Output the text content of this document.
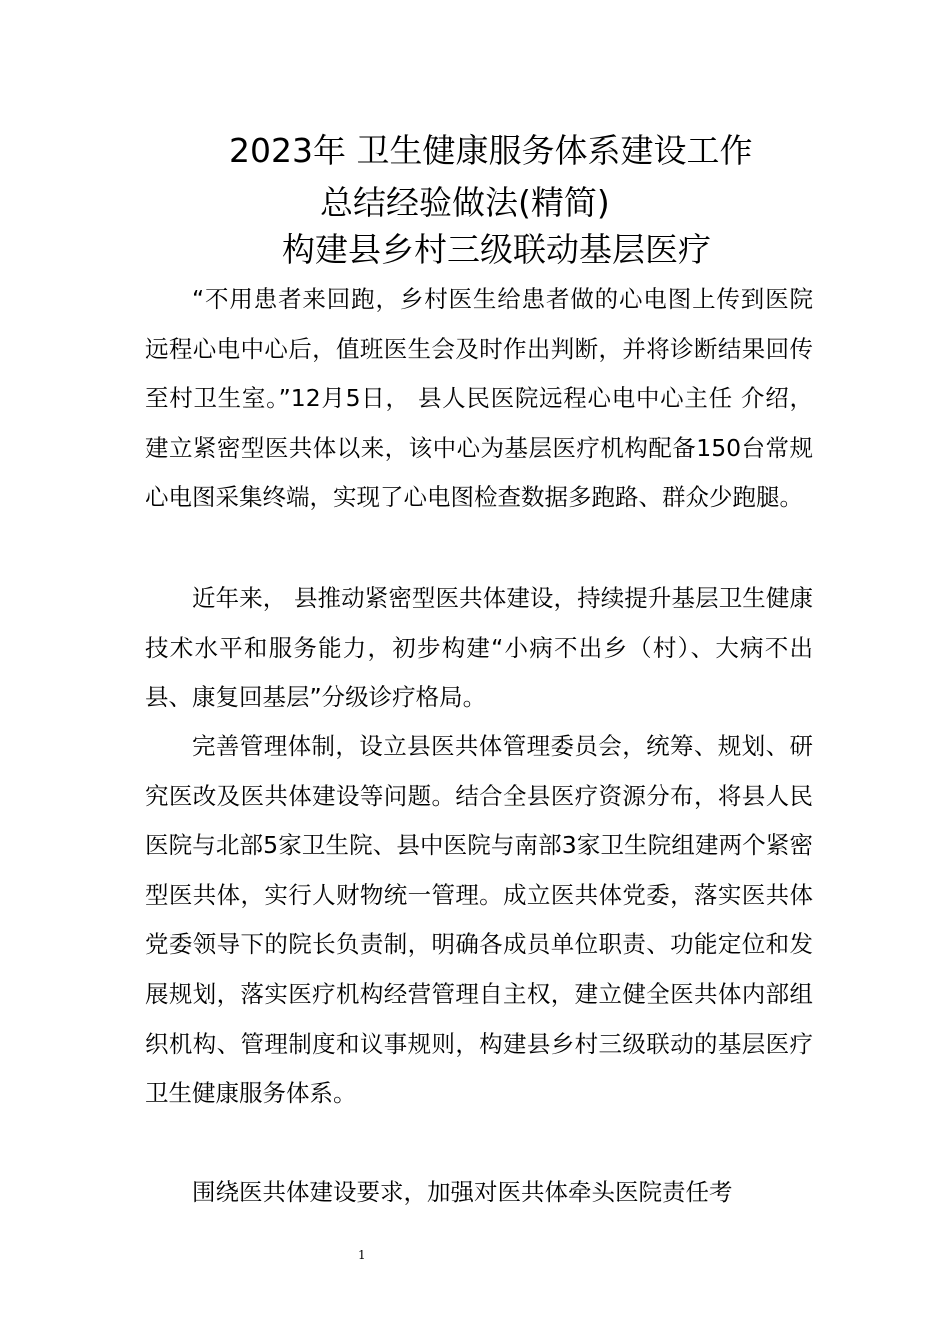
2023年 卫生健康服务体系建设工作
总结经验做法(精简)
构建县乡村三级联动基层医疗

“不用患者来回跑，乡村医生给患者做的心电图上传到医院远程心电中心后，值班医生会及时作出判断，并将诊断结果回传至村卫生室。”12月5日， 县人民医院远程心电中心主任 介绍，建立紧密型医共体以来，该中心为基层医疗机构配备150台常规心电图采集终端，实现了心电图检查数据多跑路、群众少跑腿。

近年来， 县推动紧密型医共体建设，持续提升基层卫生健康技术水平和服务能力，初步构建“小病不出乡（村）、大病不出县、康复回基层”分级诊疗格局。

完善管理体制，设立县医共体管理委员会，统筹、规划、研究医改及医共体建设等问题。结合全县医疗资源分布，将县人民医院与北部5家卫生院、县中医院与南部3家卫生院组建两个紧密型医共体，实行人财物统一管理。成立医共体党委，落实医共体党委领导下的院长负责制，明确各成员单位职责、功能定位和发展规划，落实医疗机构经营管理自主权，建立健全医共体内部组织机构、管理制度和议事规则，构建县乡村三级联动的基层医疗卫生健康服务体系。

围绕医共体建设要求，加强对医共体牵头医院责任考

1
